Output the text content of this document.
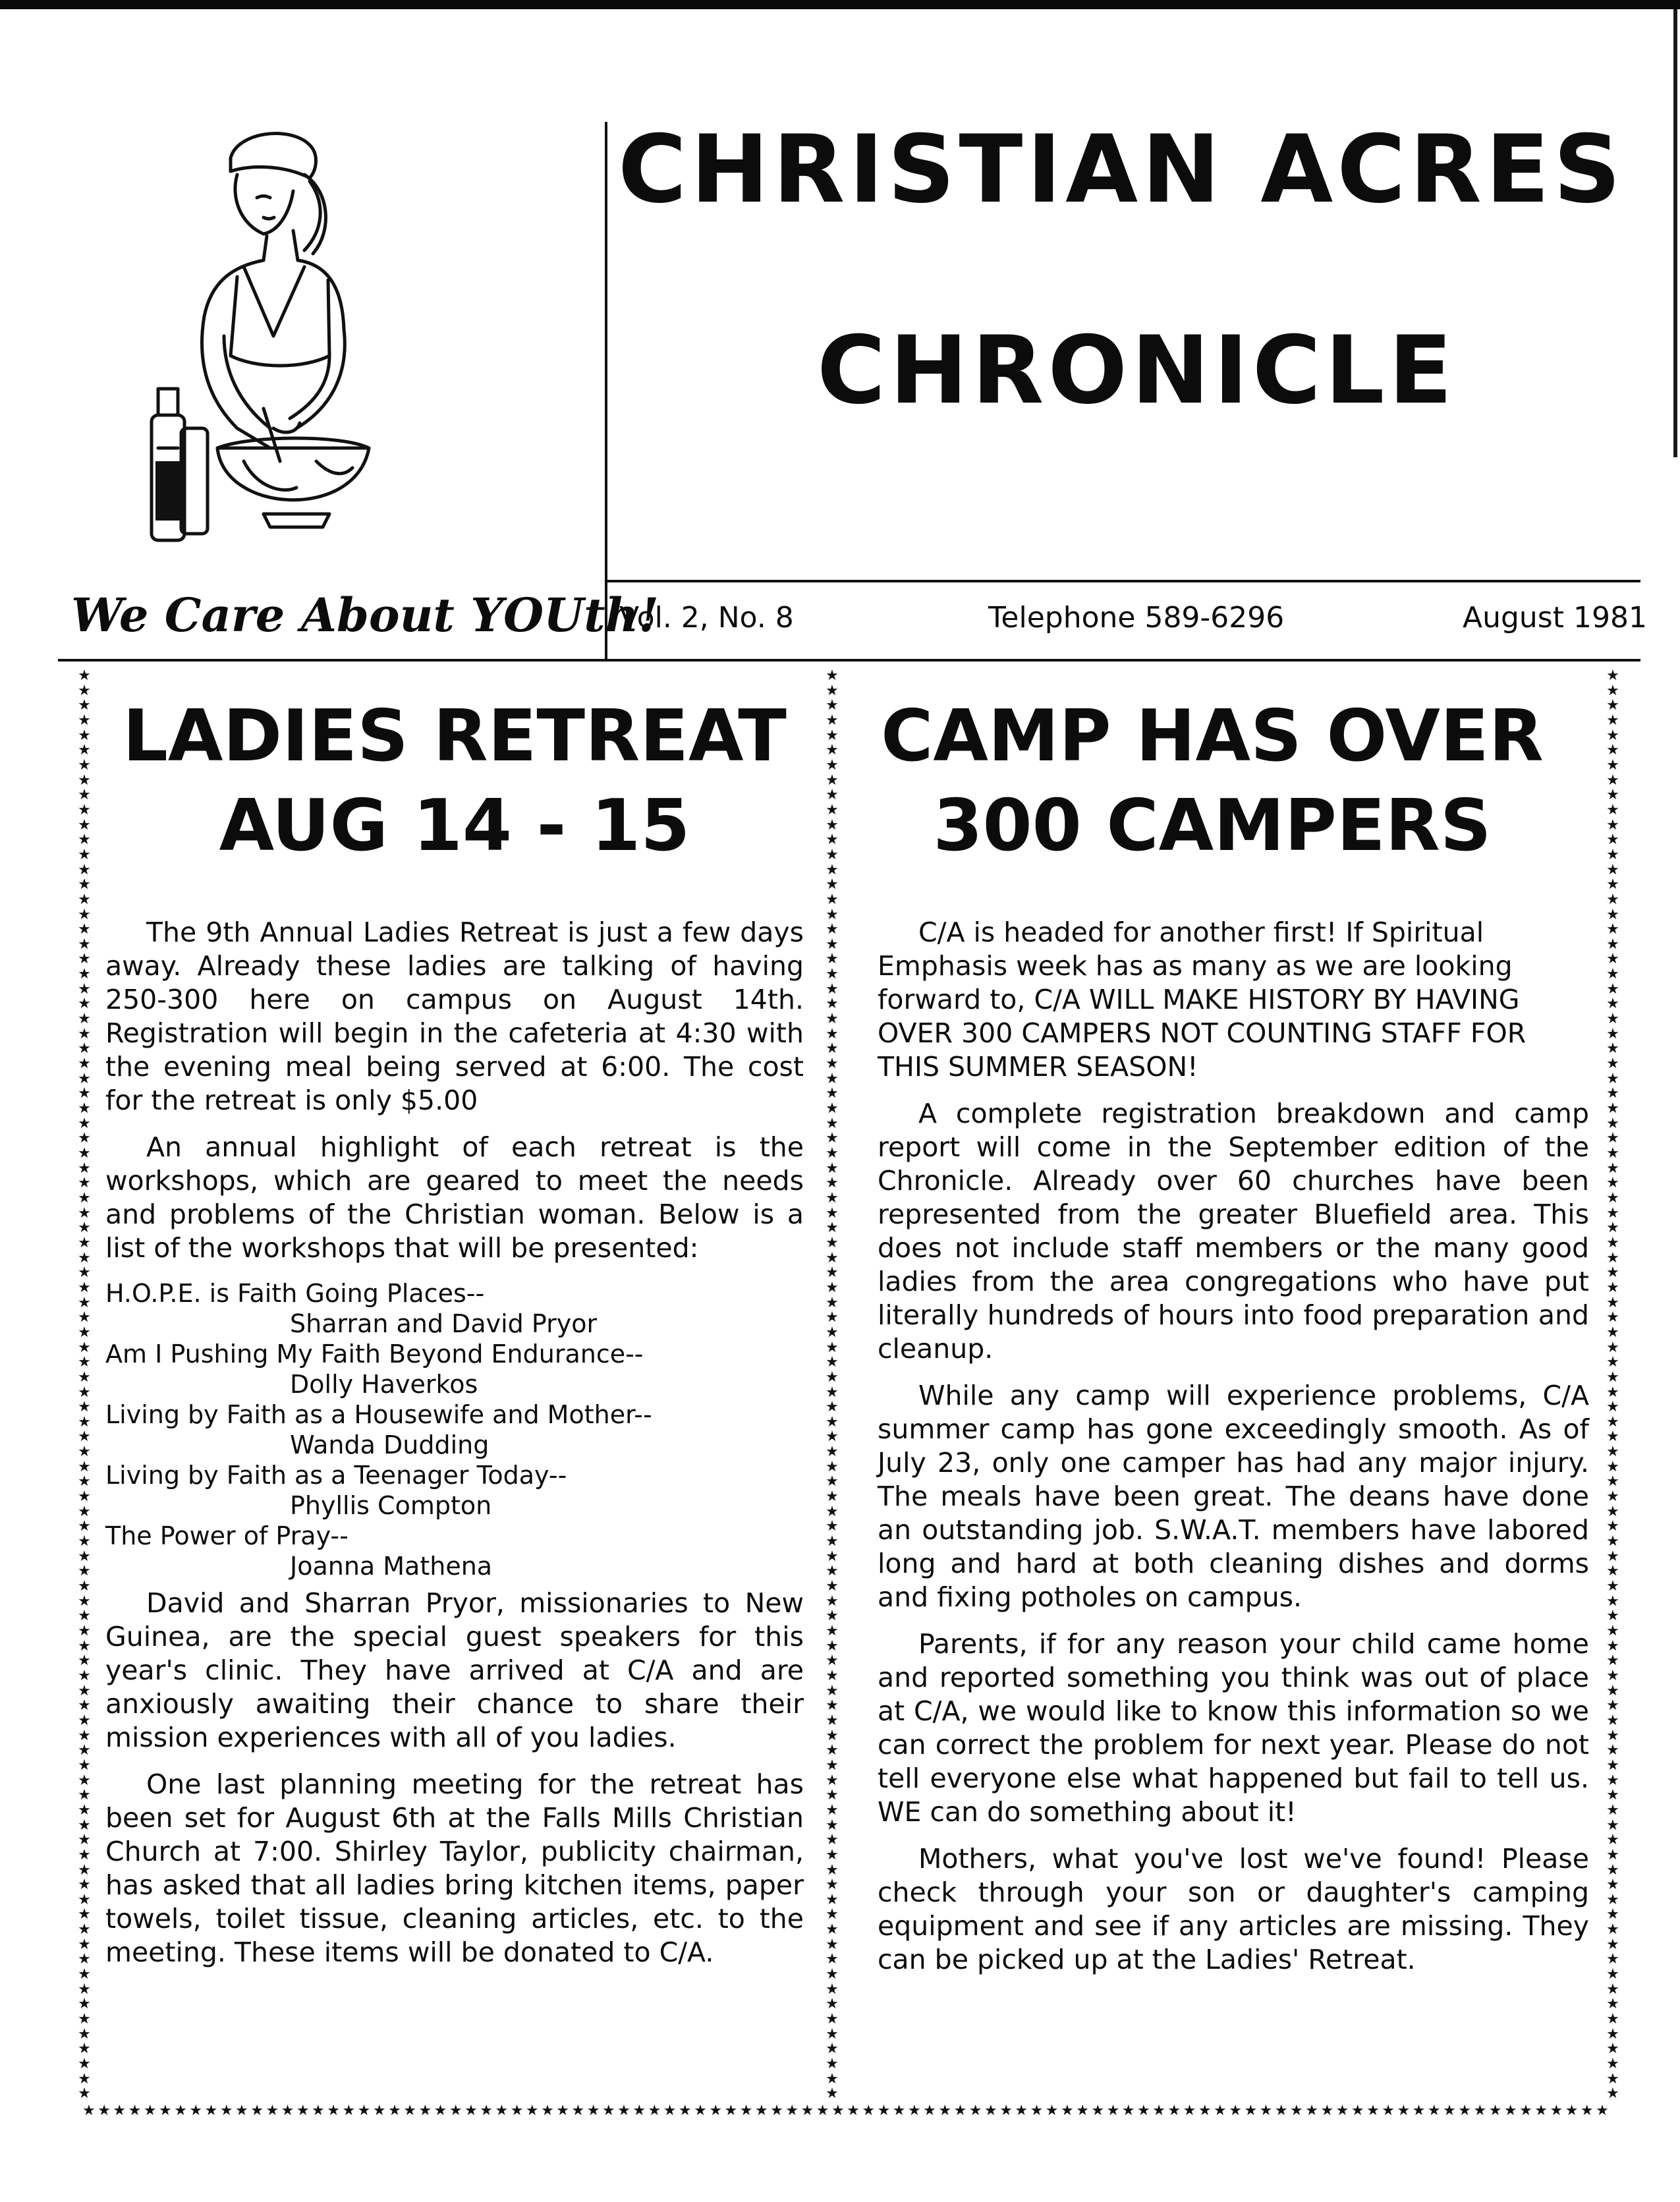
CHRISTIAN ACRES
CHRONICLE

We Care About YOUth!

Vol. 2, No. 8	Telephone 589-6296	August 1981
★
★
★
★
★
★
★
★
★
★
★
★
★
★
★
★
★
★
★
★
★
★
★
★
★
★
★
★
★
★
★
★
★
★
★
★
★
★
★
★
★
★
★
★
★
★
★
★
★
★
★
★
★
★
★
★
★
★
★
★
★
★
★
★
★
★
★
★
★
★
★
★
★
★
★
★
★
★
★
★
★
★
★
★
★
★
★
★
★
★
★
★
★
★
★
★
★
★
★
★
★
★
★
★
★
★
★
★
★
★
★
★
★
★
★
★
★
★
★
★
★
★
★
★
★
★
★
★
★
★
★
★
★
★
★
★
★
★
★
★
★
★
★
★
★
★
★
★
★
★
★
★
★
★
★
★
★
★
★
★
★
★
★
★
★
★
★
★
★
★
★
★
★
★
★
★
★
★
★
★
★
★
★
★
★
★
★
★
★
★
★
★
★
★
★
★
★
★
★
★
★
★
★
★
★
★
★
★
★
★
★
★
★
★
★
★
★
★
★
★
★
★
★
★
★
★
★
★
★
★
★
★
★
★
★
★
★
★
★
★
★
★
★
★
★
★
★
★
★
★
★
★
★
★
★
★
★
★
★
★
★
★
★
★
★
★
★
★
★
★
★
★
★
★
★
★
★
★
★
★
★
★
★
★
★
★
★
★
★ ★ ★ ★ ★ ★ ★ ★ ★ ★ ★ ★ ★ ★ ★ ★ ★ ★ ★ ★ ★ ★ ★ ★ ★ ★ ★ ★ ★ ★ ★ ★ ★ ★ ★ ★ ★ ★ ★ ★ ★ ★ ★ ★ ★ ★ ★ ★ ★ ★ ★ ★ ★ ★ ★ ★ ★ ★ ★ ★ ★ ★ ★ ★ ★ ★ ★ ★ ★ ★ ★ ★ ★ ★ ★ ★ ★ ★ ★ ★ ★ ★ ★ ★ ★ ★ ★ ★ ★ ★ ★ ★ ★ ★ ★ ★ ★ ★ ★ ★
LADIES RETREAT
AUG 14 - 15

The 9th Annual Ladies Retreat is just a few days away. Already these ladies are talking of having 250-300 here on campus on August 14th. Registration will begin in the cafeteria at 4:30 with the evening meal being served at 6:00. The cost for the retreat is only $5.00

An annual highlight of each retreat is the workshops, which are geared to meet the needs and problems of the Christian woman. Below is a list of the workshops that will be presented:

H.O.P.E. is Faith Going Places--

Sharran and David Pryor

Am I Pushing My Faith Beyond Endurance--

Dolly Haverkos

Living by Faith as a Housewife and Mother--

Wanda Dudding

Living by Faith as a Teenager Today--

Phyllis Compton

The Power of Pray--

Joanna Mathena

David and Sharran Pryor, missionaries to New Guinea, are the special guest speakers for this year's clinic. They have arrived at C/A and are anxiously awaiting their chance to share their mission experiences with all of you ladies.

One last planning meeting for the retreat has been set for August 6th at the Falls Mills Christian Church at 7:00. Shirley Taylor, publicity chairman, has asked that all ladies bring kitchen items, paper towels, toilet tissue, cleaning articles, etc. to the meeting. These items will be donated to C/A.

CAMP HAS OVER
300 CAMPERS

C/A is headed for another first! If Spiritual Emphasis week has as many as we are looking forward to, C/A WILL MAKE HISTORY BY HAVING OVER 300 CAMPERS NOT COUNTING STAFF FOR THIS SUMMER SEASON!

A complete registration breakdown and camp report will come in the September edition of the Chronicle. Already over 60 churches have been represented from the greater Bluefield area. This does not include staff members or the many good ladies from the area congregations who have put literally hundreds of hours into food preparation and cleanup.

While any camp will experience problems, C/A summer camp has gone exceedingly smooth. As of July 23, only one camper has had any major injury. The meals have been great. The deans have done an outstanding job. S.W.A.T. members have labored long and hard at both cleaning dishes and dorms and fixing potholes on campus.

Parents, if for any reason your child came home and reported something you think was out of place at C/A, we would like to know this information so we can correct the problem for next year. Please do not tell everyone else what happened but fail to tell us. WE can do something about it!

Mothers, what you've lost we've found! Please check through your son or daughter's camping equipment and see if any articles are missing. They can be picked up at the Ladies' Retreat.
